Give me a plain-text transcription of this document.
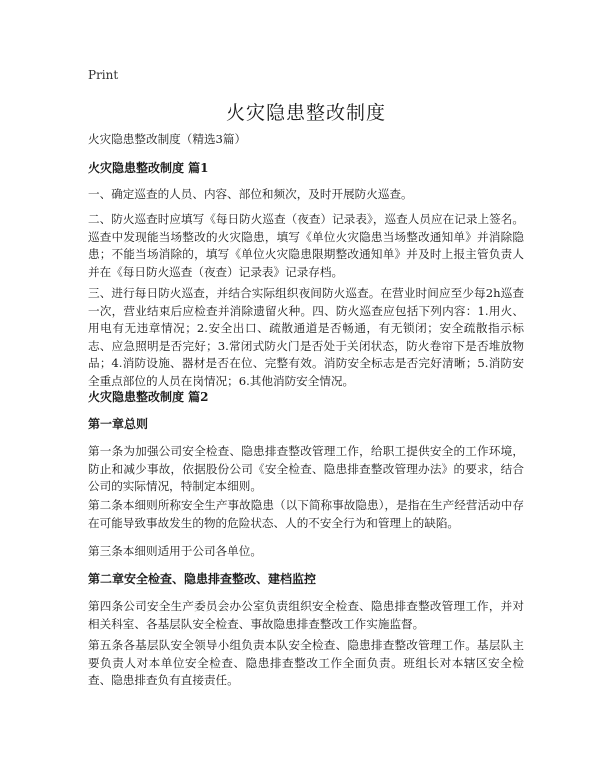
Print
火灾隐患整改制度

火灾隐患整改制度（精选3篇）

火灾隐患整改制度 篇1

一、确定巡查的人员、内容、部位和频次，及时开展防火巡查。

二、防火巡查时应填写《每日防火巡查（夜查）记录表》，巡查人员应在记录上签名。巡查中发现能当场整改的火灾隐患，填写《单位火灾隐患当场整改通知单》并消除隐患；不能当场消除的，填写《单位火灾隐患限期整改通知单》并及时上报主管负责人并在《每日防火巡查（夜查）记录表》记录存档。

三、进行每日防火巡查，并结合实际组织夜间防火巡查。在营业时间应至少每2h巡查一次，营业结束后应检查并消除遗留火种。四、防火巡查应包括下列内容：1.用火、用电有无违章情况；2.安全出口、疏散通道是否畅通，有无锁闭；安全疏散指示标志、应急照明是否完好；3.常闭式防火门是否处于关闭状态，防火卷帘下是否堆放物品；4.消防设施、器材是否在位、完整有效。消防安全标志是否完好清晰；5.消防安全重点部位的人员在岗情况；6.其他消防安全情况。

火灾隐患整改制度 篇2
第一章总则

第一条为加强公司安全检查、隐患排查整改管理工作，给职工提供安全的工作环境，防止和减少事故，依据股份公司《安全检查、隐患排查整改管理办法》的要求，结合公司的实际情况，特制定本细则。

第二条本细则所称安全生产事故隐患（以下简称事故隐患），是指在生产经营活动中存在可能导致事故发生的物的危险状态、人的不安全行为和管理上的缺陷。

第三条本细则适用于公司各单位。

第二章安全检查、隐患排查整改、建档监控

第四条公司安全生产委员会办公室负责组织安全检查、隐患排查整改管理工作，并对相关科室、各基层队安全检查、事故隐患排查整改工作实施监督。

第五条各基层队安全领导小组负责本队安全检查、隐患排查整改管理工作。基层队主要负责人对本单位安全检查、隐患排查整改工作全面负责。班组长对本辖区安全检查、隐患排查负有直接责任。
